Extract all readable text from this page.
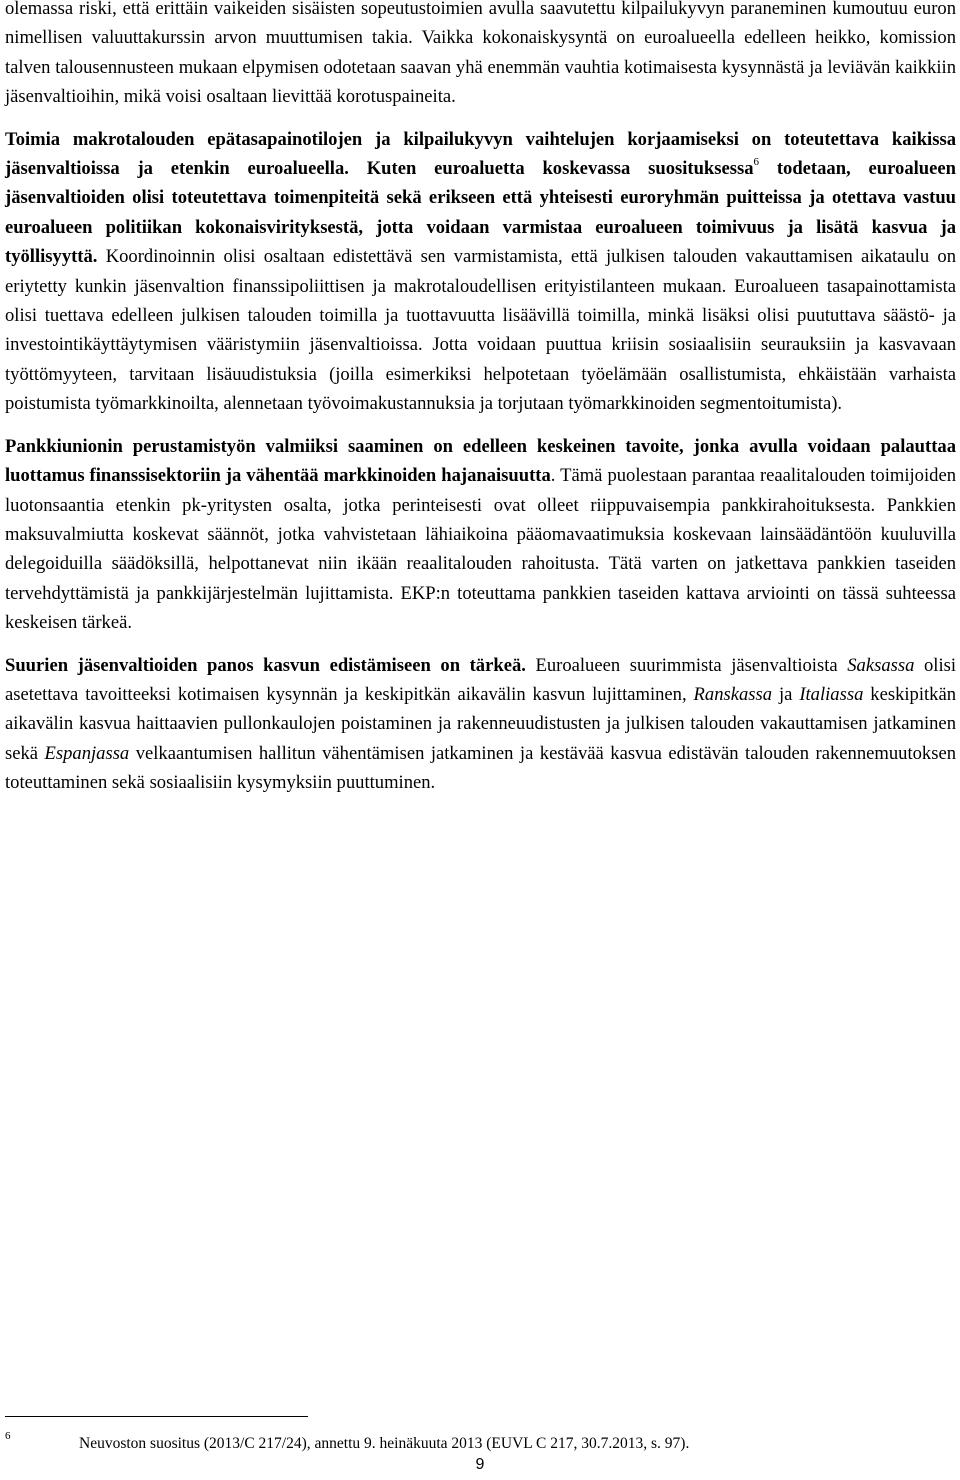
olemassa riski, että erittäin vaikeiden sisäisten sopeutustoimien avulla saavutettu kilpailukyvyn paraneminen kumoutuu euron nimellisen valuuttakurssin arvon muuttumisen takia. Vaikka kokonaiskysyntä on euroalueella edelleen heikko, komission talven talousennusteen mukaan elpymisen odotetaan saavan yhä enemmän vauhtia kotimaisesta kysynnästä ja leviävän kaikkiin jäsenvaltioihin, mikä voisi osaltaan lievittää korotuspaineita.

Toimia makrotalouden epätasapainotilojen ja kilpailukyvyn vaihtelujen korjaamiseksi on toteutettava kaikissa jäsenvaltioissa ja etenkin euroalueella. Kuten euroaluetta koskevassa suosituksessa$^6$ todetaan, euroalueen jäsenvaltioiden olisi toteutettava toimenpiteitä sekä erikseen että yhteisesti euroryhmän puitteissa ja otettava vastuu euroalueen politiikan kokonaisvirityksestä, jotta voidaan varmistaa euroalueen toimivuus ja lisätä kasvua ja työllisyyttä. Koordinoinnin olisi osaltaan edistettävä sen varmistamista, että julkisen talouden vakauttamisen aikataulu on eriytetty kunkin jäsenvaltion finanssipoliittisen ja makrotaloudellisen erityistilanteen mukaan. Euroalueen tasapainottamista olisi tuettava edelleen julkisen talouden toimilla ja tuottavuutta lisäävillä toimilla, minkä lisäksi olisi puututtava säästö- ja investointikäyttäytymisen vääristymiin jäsenvaltioissa. Jotta voidaan puuttua kriisin sosiaalisiin seurauksiin ja kasvavaan työttömyyteen, tarvitaan lisäuudistuksia (joilla esimerkiksi helpotetaan työelämään osallistumista, ehkäistään varhaista poistumista työmarkkinoilta, alennetaan työvoimakustannuksia ja torjutaan työmarkkinoiden segmentoitumista).

Pankkiunionin perustamistyön valmiiksi saaminen on edelleen keskeinen tavoite, jonka avulla voidaan palauttaa luottamus finanssisektoriin ja vähentää markkinoiden hajanaisuutta. Tämä puolestaan parantaa reaalitalouden toimijoiden luotonsaantia etenkin pk-yritysten osalta, jotka perinteisesti ovat olleet riippuvaisempia pankkirahoituksesta. Pankkien maksuvalmiutta koskevat säännöt, jotka vahvistetaan lähiaikoina pääomavaatimuksia koskevaan lainsäädäntöön kuuluvilla delegoiduilla säädöksillä, helpottanevat niin ikään reaalitalouden rahoitusta. Tätä varten on jatkettava pankkien taseiden tervehdyttämistä ja pankkijärjestelmän lujittamista. EKP:n toteuttama pankkien taseiden kattava arviointi on tässä suhteessa keskeisen tärkeä.

Suurien jäsenvaltioiden panos kasvun edistämiseen on tärkeä. Euroalueen suurimmista jäsenvaltioista Saksassa olisi asetettava tavoitteeksi kotimaisen kysynnän ja keskipitkän aikavälin kasvun lujittaminen, Ranskassa ja Italiassa keskipitkän aikavälin kasvua haittaavien pullonkaulojen poistaminen ja rakenneuudistusten ja julkisen talouden vakauttamisen jatkaminen sekä Espanjassa velkaantumisen hallitun vähentämisen jatkaminen ja kestävää kasvua edistävän talouden rakennemuutoksen toteuttaminen sekä sosiaalisiin kysymyksiin puuttuminen.

6	Neuvoston suositus (2013/C 217/24), annettu 9. heinäkuuta 2013 (EUVL C 217, 30.7.2013, s. 97).
9
